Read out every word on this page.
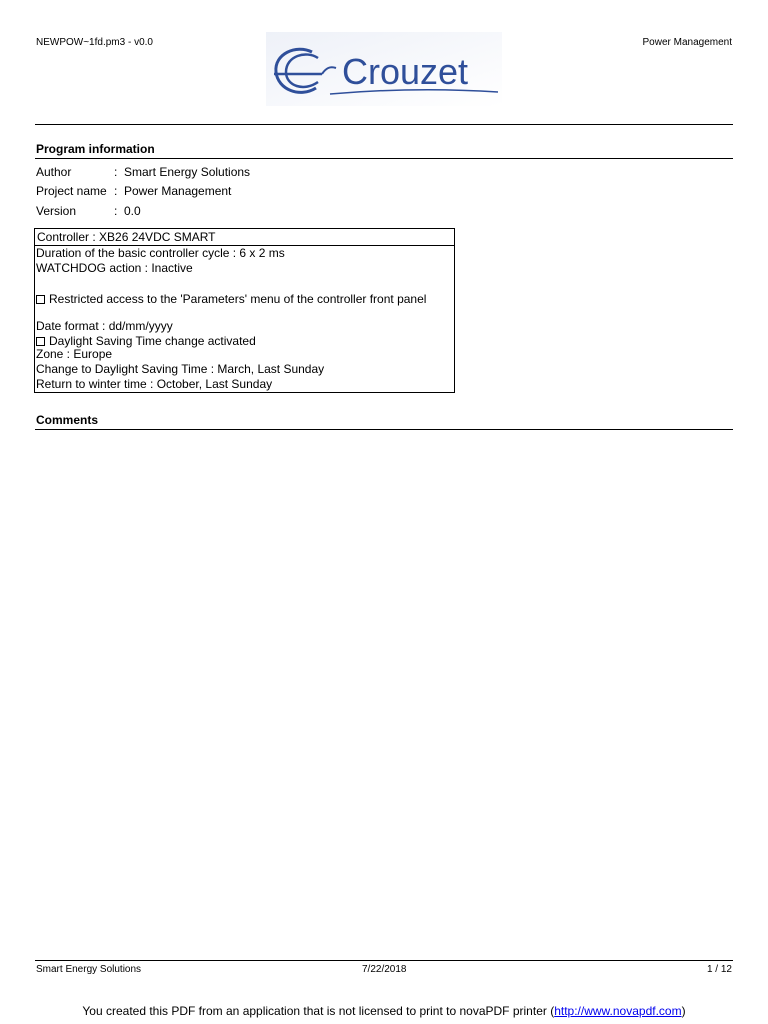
NEWPOW~1fd.pm3 - v0.0	Power Management
Crouzet
Program information
Author	: Smart Energy Solutions
Project name : Power Management
Version	: 0.0
Controller : XB26 24VDC SMART
Duration of the basic controller cycle : 6 x 2 ms
WATCHDOG action : Inactive
Restricted access to the 'Parameters' menu of the controller front panel
Date format : dd/mm/yyyy
Daylight Saving Time change activated
Zone : Europe
Change to Daylight Saving Time : March, Last Sunday
Return to winter time : October, Last Sunday
Comments
Smart Energy Solutions	7/22/2018	1 / 12
You created this PDF from an application that is not licensed to print to novaPDF printer (http://www.novapdf.com)
